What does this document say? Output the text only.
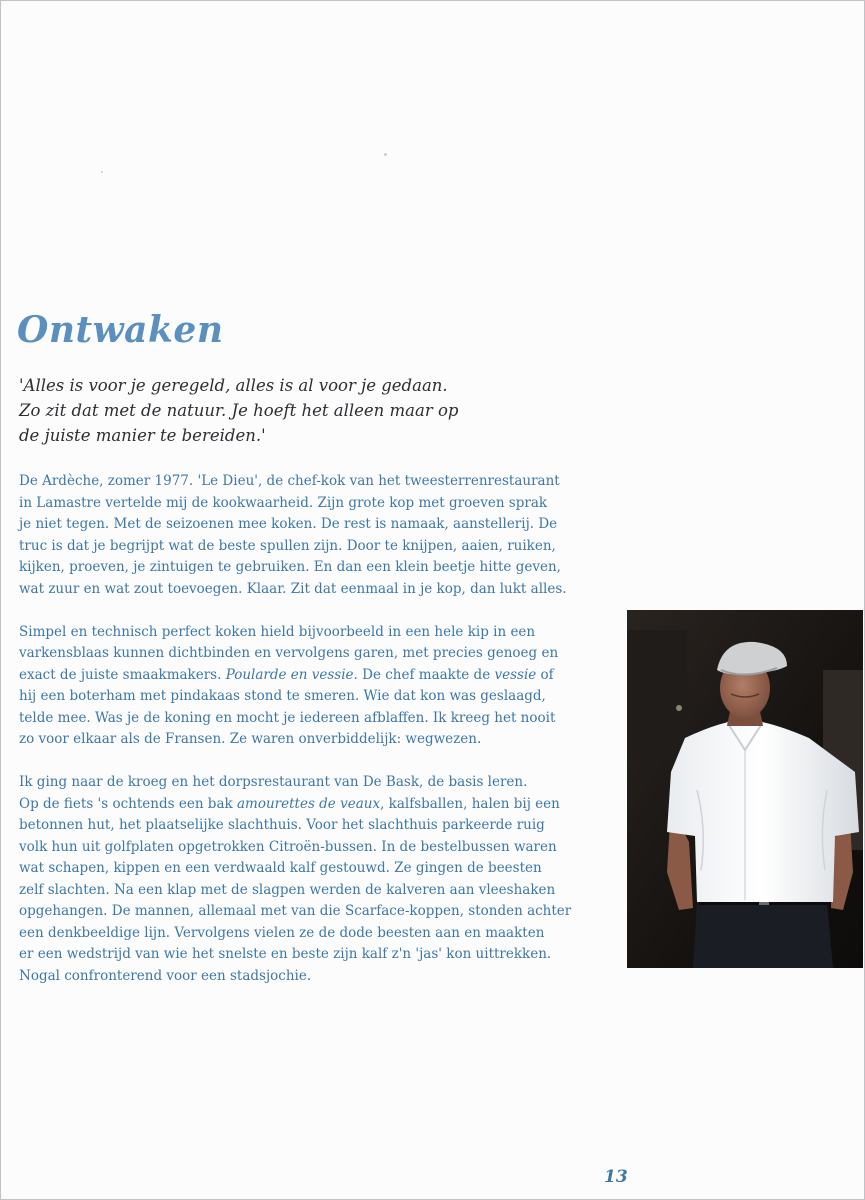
Ontwaken
'Alles is voor je geregeld, alles is al voor je gedaan.
Zo zit dat met de natuur. Je hoeft het alleen maar op
de juiste manier te bereiden.'

De Ardèche, zomer 1977. 'Le Dieu', de chef-kok van het tweesterrenrestaurant
in Lamastre vertelde mij de kookwaarheid. Zijn grote kop met groeven sprak
je niet tegen. Met de seizoenen mee koken. De rest is namaak, aanstellerij. De
truc is dat je begrijpt wat de beste spullen zijn. Door te knijpen, aaien, ruiken,
kijken, proeven, je zintuigen te gebruiken. En dan een klein beetje hitte geven,
wat zuur en wat zout toevoegen. Klaar. Zit dat eenmaal in je kop, dan lukt alles.

Simpel en technisch perfect koken hield bijvoorbeeld in een hele kip in een
varkensblaas kunnen dichtbinden en vervolgens garen, met precies genoeg en
exact de juiste smaakmakers. Poularde en vessie. De chef maakte de vessie of
hij een boterham met pindakaas stond te smeren. Wie dat kon was geslaagd,
telde mee. Was je de koning en mocht je iedereen afblaffen. Ik kreeg het nooit
zo voor elkaar als de Fransen. Ze waren onverbiddelijk: wegwezen.

Ik ging naar de kroeg en het dorpsrestaurant van De Bask, de basis leren.
Op de fiets 's ochtends een bak amourettes de veaux, kalfsballen, halen bij een
betonnen hut, het plaatselijke slachthuis. Voor het slachthuis parkeerde ruig
volk hun uit golfplaten opgetrokken Citroën-bussen. In de bestelbussen waren
wat schapen, kippen en een verdwaald kalf gestouwd. Ze gingen de beesten
zelf slachten. Na een klap met de slagpen werden de kalveren aan vleeshaken
opgehangen. De mannen, allemaal met van die Scarface-koppen, stonden achter
een denkbeeldige lijn. Vervolgens vielen ze de dode beesten aan en maakten
er een wedstrijd van wie het snelste en beste zijn kalf z'n 'jas' kon uittrekken.
Nogal confronterend voor een stadsjochie.

13
